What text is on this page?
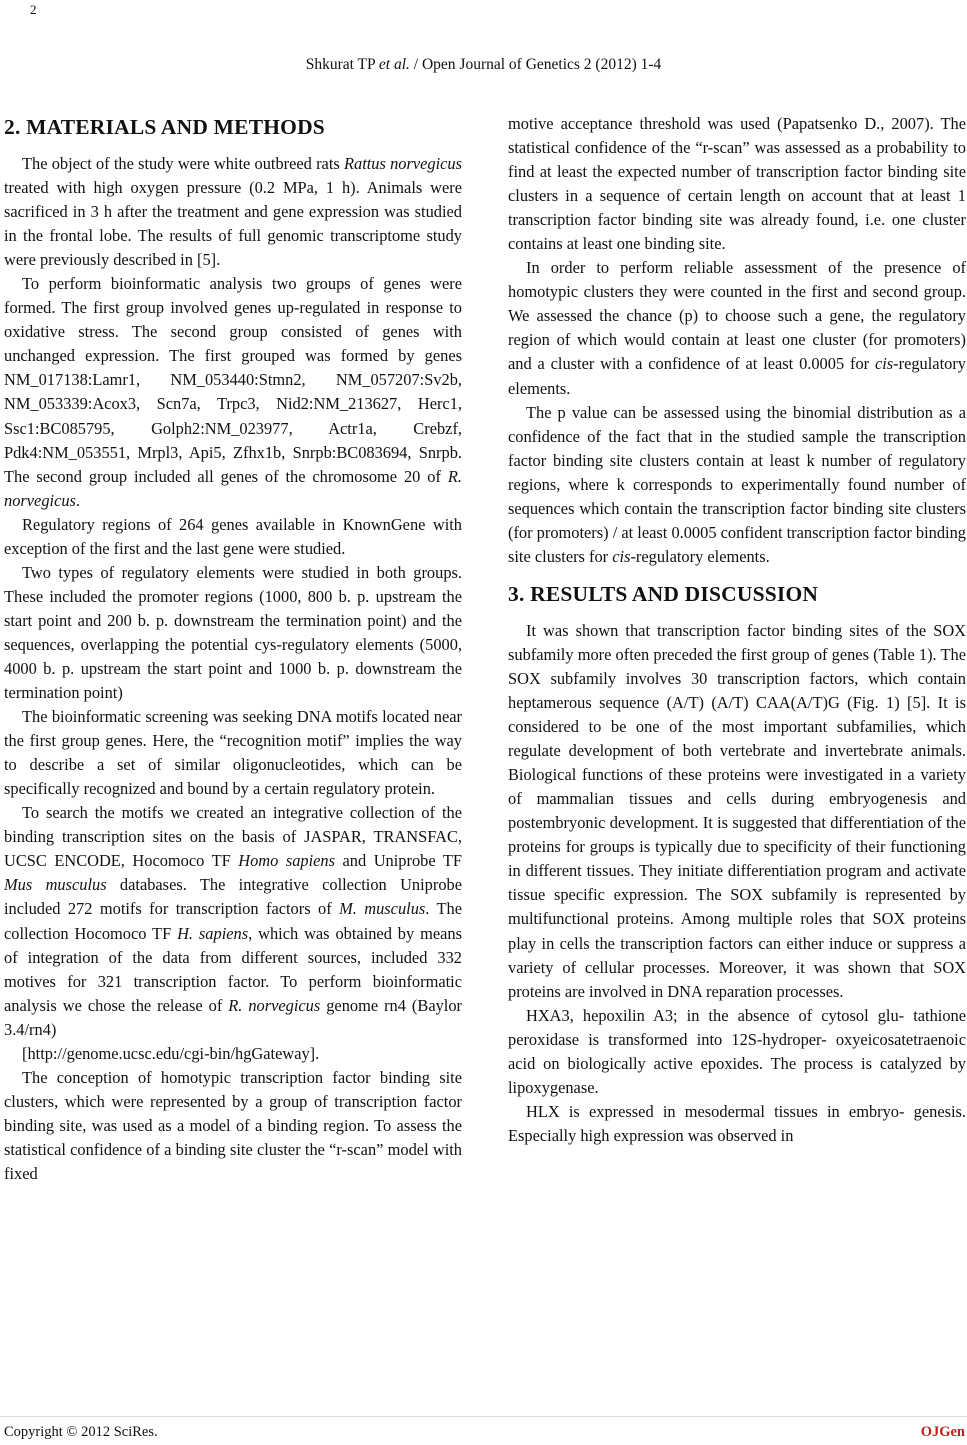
2
Shkurat TP et al. / Open Journal of Genetics 2 (2012) 1-4
2. MATERIALS AND METHODS

The object of the study were white outbreed rats Rattus norvegicus treated with high oxygen pressure (0.2 MPa, 1 h). Animals were sacrificed in 3 h after the treatment and gene expression was studied in the frontal lobe. The results of full genomic transcriptome study were previously described in [5].

To perform bioinformatic analysis two groups of genes were formed. The first group involved genes up-regulated in response to oxidative stress. The second group consisted of genes with unchanged expression. The first grouped was formed by genes NM_017138:Lamr1, NM_053440:Stmn2, NM_057207:Sv2b, NM_053339:Acox3, Scn7a, Trpc3, Nid2:NM_213627, Herc1, Ssc1:BC085795, Golph2:NM_023977, Actr1a, Crebzf, Pdk4:NM_053551, Mrpl3, Api5, Zfhx1b, Snrpb:BC083694, Snrpb. The second group included all genes of the chromosome 20 of R. norvegicus.

Regulatory regions of 264 genes available in KnownGene with exception of the first and the last gene were studied.

Two types of regulatory elements were studied in both groups. These included the promoter regions (1000, 800 b. p. upstream the start point and 200 b. p. downstream the termination point) and the sequences, overlapping the potential cys-regulatory elements (5000, 4000 b. p. upstream the start point and 1000 b. p. downstream the termination point)

The bioinformatic screening was seeking DNA motifs located near the first group genes. Here, the “recognition motif” implies the way to describe a set of similar oligonucleotides, which can be specifically recognized and bound by a certain regulatory protein.

To search the motifs we created an integrative collection of the binding transcription sites on the basis of JASPAR, TRANSFAC, UCSC ENCODE, Hocomoco TF Homo sapiens and Uniprobe TF Mus musculus databases. The integrative collection Uniprobe included 272 motifs for transcription factors of M. musculus. The collection Hocomoco TF H. sapiens, which was obtained by means of integration of the data from different sources, included 332 motives for 321 transcription factor. To perform bioinformatic analysis we chose the release of R. norvegicus genome rn4 (Baylor 3.4/rn4)

[http://genome.ucsc.edu/cgi-bin/hgGateway].

The conception of homotypic transcription factor binding site clusters, which were represented by a group of transcription factor binding site, was used as a model of a binding region. To assess the statistical confidence of a binding site cluster the “r-scan” model with fixed

motive acceptance threshold was used (Papatsenko D., 2007). The statistical confidence of the “r-scan” was assessed as a probability to find at least the expected number of transcription factor binding site clusters in a sequence of certain length on account that at least 1 transcription factor binding site was already found, i.e. one cluster contains at least one binding site.

In order to perform reliable assessment of the presence of homotypic clusters they were counted in the first and second group. We assessed the chance (p) to choose such a gene, the regulatory region of which would contain at least one cluster (for promoters) and a cluster with a confidence of at least 0.0005 for cis-regulatory elements.

The p value can be assessed using the binomial distribution as a confidence of the fact that in the studied sample the transcription factor binding site clusters contain at least k number of regulatory regions, where k corresponds to experimentally found number of sequences which contain the transcription factor binding site clusters (for promoters) / at least 0.0005 confident transcription factor binding site clusters for cis-regulatory elements.

3. RESULTS AND DISCUSSION

It was shown that transcription factor binding sites of the SOX subfamily more often preceded the first group of genes (Table 1). The SOX subfamily involves 30 transcription factors, which contain heptamerous sequence (A/T) (A/T) CAA(A/T)G (Fig. 1) [5]. It is considered to be one of the most important subfamilies, which regulate development of both vertebrate and invertebrate animals. Biological functions of these proteins were investigated in a variety of mammalian tissues and cells during embryogenesis and postembryonic development. It is suggested that differentiation of the proteins for groups is typically due to specificity of their functioning in different tissues. They initiate differentiation program and activate tissue specific expression. The SOX subfamily is represented by multifunctional proteins. Among multiple roles that SOX proteins play in cells the transcription factors can either induce or suppress a variety of cellular processes. Moreover, it was shown that SOX proteins are involved in DNA reparation processes.

HXA3, hepoxilin A3; in the absence of cytosol glu- tathione peroxidase is transformed into 12S-hydroper- oxyeicosatetraenoic acid on biologically active epoxides. The process is catalyzed by lipoxygenase.

HLX is expressed in mesodermal tissues in embryo- genesis. Especially high expression was observed in

Copyright © 2012 SciRes.	OJGen
